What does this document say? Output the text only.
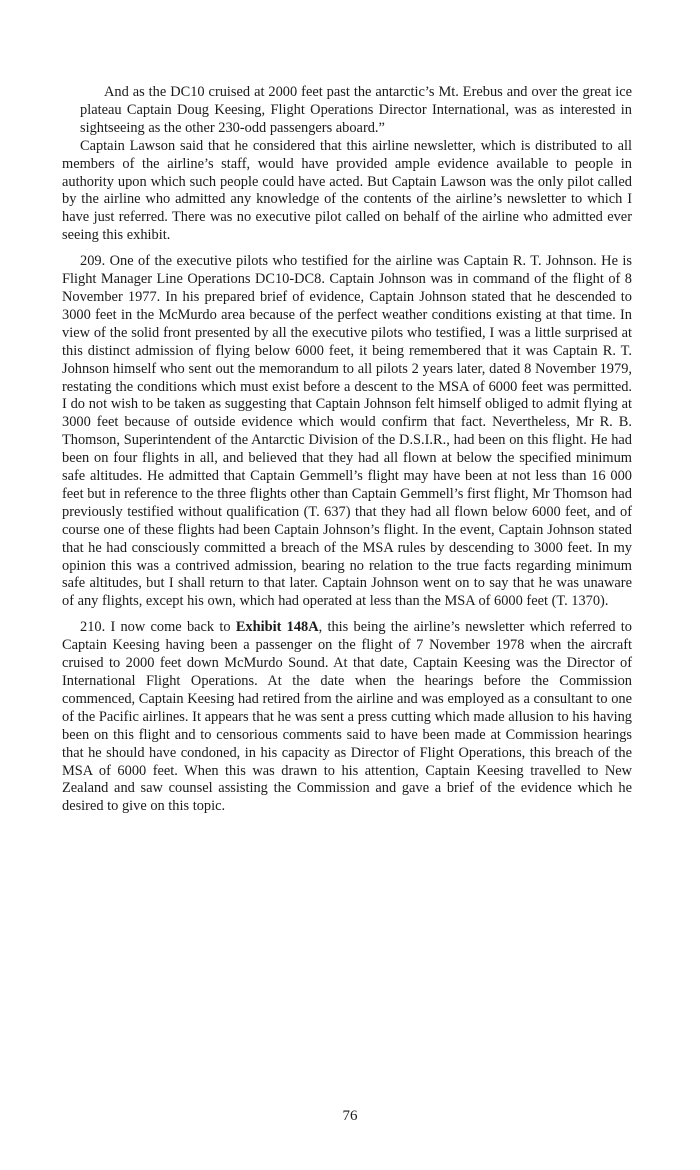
And as the DC10 cruised at 2000 feet past the antarctic’s Mt. Erebus and over the great ice plateau Captain Doug Keesing, Flight Operations Director International, was as interested in sightseeing as the other 230-odd passengers aboard.”

Captain Lawson said that he considered that this airline newsletter, which is distributed to all members of the airline’s staff, would have provided ample evidence available to people in authority upon which such people could have acted. But Captain Lawson was the only pilot called by the airline who admitted any knowledge of the contents of the airline’s newsletter to which I have just referred. There was no executive pilot called on behalf of the airline who admitted ever seeing this exhibit.

209. One of the executive pilots who testified for the airline was Captain R. T. Johnson. He is Flight Manager Line Operations DC10-DC8. Captain Johnson was in command of the flight of 8 November 1977. In his prepared brief of evidence, Captain Johnson stated that he descended to 3000 feet in the McMurdo area because of the perfect weather conditions existing at that time. In view of the solid front presented by all the executive pilots who testified, I was a little surprised at this distinct admission of flying below 6000 feet, it being remembered that it was Captain R. T. Johnson himself who sent out the memorandum to all pilots 2 years later, dated 8 November 1979, restating the conditions which must exist before a descent to the MSA of 6000 feet was permitted. I do not wish to be taken as suggesting that Captain Johnson felt himself obliged to admit flying at 3000 feet because of outside evidence which would confirm that fact. Nevertheless, Mr R. B. Thomson, Superintendent of the Antarctic Division of the D.S.I.R., had been on this flight. He had been on four flights in all, and believed that they had all flown at below the specified minimum safe altitudes. He admitted that Captain Gemmell’s flight may have been at not less than 16 000 feet but in reference to the three flights other than Captain Gemmell’s first flight, Mr Thomson had previously testified without qualification (T. 637) that they had all flown below 6000 feet, and of course one of these flights had been Captain Johnson’s flight. In the event, Captain Johnson stated that he had consciously committed a breach of the MSA rules by descending to 3000 feet. In my opinion this was a contrived admission, bearing no relation to the true facts regarding minimum safe altitudes, but I shall return to that later. Captain Johnson went on to say that he was unaware of any flights, except his own, which had operated at less than the MSA of 6000 feet (T. 1370).

210. I now come back to Exhibit 148A, this being the airline’s newsletter which referred to Captain Keesing having been a passenger on the flight of 7 November 1978 when the aircraft cruised to 2000 feet down McMurdo Sound. At that date, Captain Keesing was the Director of International Flight Operations. At the date when the hearings before the Commission commenced, Captain Keesing had retired from the airline and was employed as a consultant to one of the Pacific airlines. It appears that he was sent a press cutting which made allusion to his having been on this flight and to censorious comments said to have been made at Commission hearings that he should have condoned, in his capacity as Director of Flight Operations, this breach of the MSA of 6000 feet. When this was drawn to his attention, Captain Keesing travelled to New Zealand and saw counsel assisting the Commission and gave a brief of the evidence which he desired to give on this topic.

76
